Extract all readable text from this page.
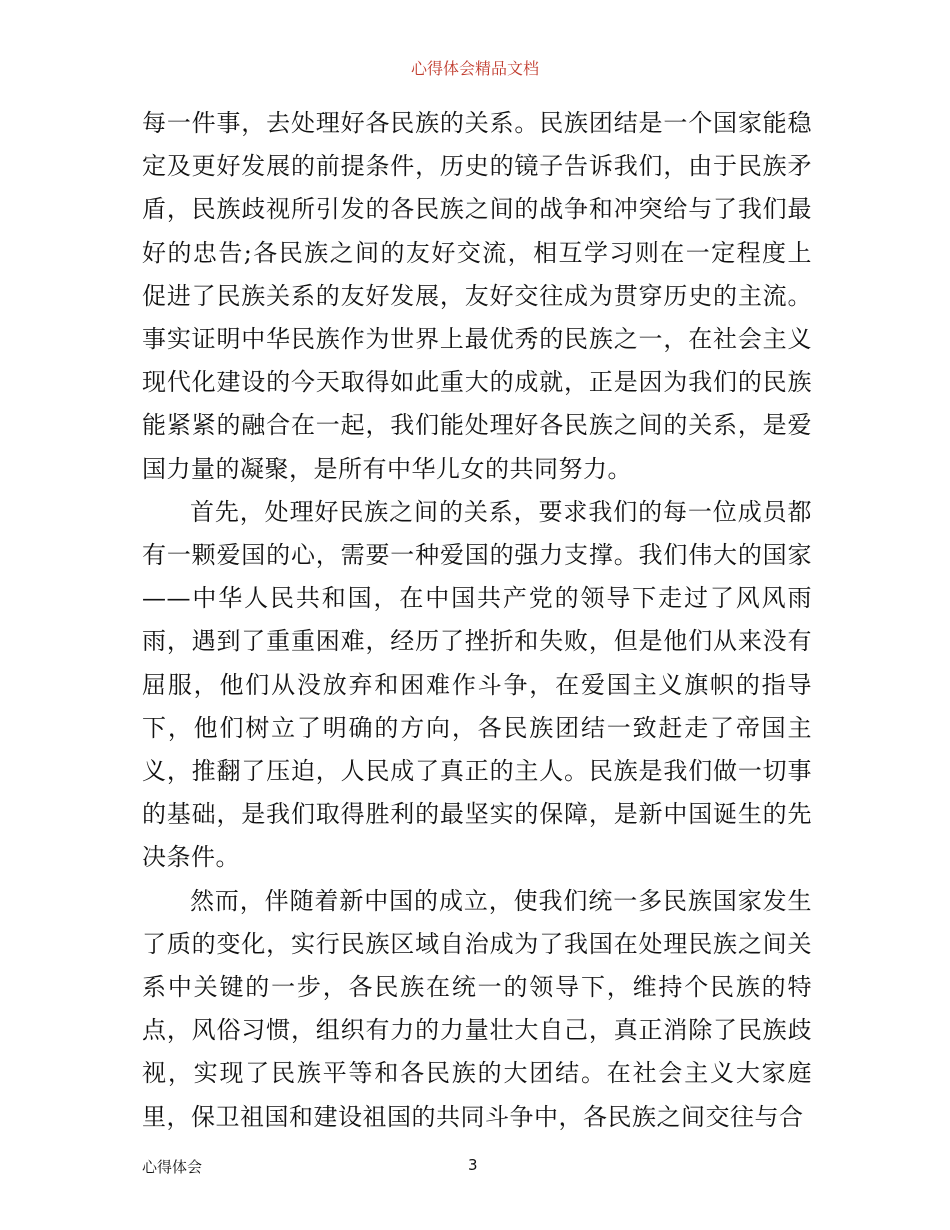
心得体会精品文档

每一件事，去处理好各民族的关系。民族团结是一个国家能稳定及更好发展的前提条件，历史的镜子告诉我们，由于民族矛盾，民族歧视所引发的各民族之间的战争和冲突给与了我们最好的忠告;各民族之间的友好交流，相互学习则在一定程度上促进了民族关系的友好发展，友好交往成为贯穿历史的主流。事实证明中华民族作为世界上最优秀的民族之一，在社会主义现代化建设的今天取得如此重大的成就，正是因为我们的民族能紧紧的融合在一起，我们能处理好各民族之间的关系，是爱国力量的凝聚，是所有中华儿女的共同努力。

首先，处理好民族之间的关系，要求我们的每一位成员都有一颗爱国的心，需要一种爱国的强力支撑。我们伟大的国家——中华人民共和国，在中国共产党的领导下走过了风风雨雨，遇到了重重困难，经历了挫折和失败，但是他们从来没有屈服，他们从没放弃和困难作斗争，在爱国主义旗帜的指导下，他们树立了明确的方向，各民族团结一致赶走了帝国主义，推翻了压迫，人民成了真正的主人。民族是我们做一切事的基础，是我们取得胜利的最坚实的保障，是新中国诞生的先决条件。

然而，伴随着新中国的成立，使我们统一多民族国家发生了质的变化，实行民族区域自治成为了我国在处理民族之间关系中关键的一步，各民族在统一的领导下，维持个民族的特点，风俗习惯，组织有力的力量壮大自己，真正消除了民族歧视，实现了民族平等和各民族的大团结。在社会主义大家庭里，保卫祖国和建设祖国的共同斗争中，各民族之间交往与合

心得体会	3
